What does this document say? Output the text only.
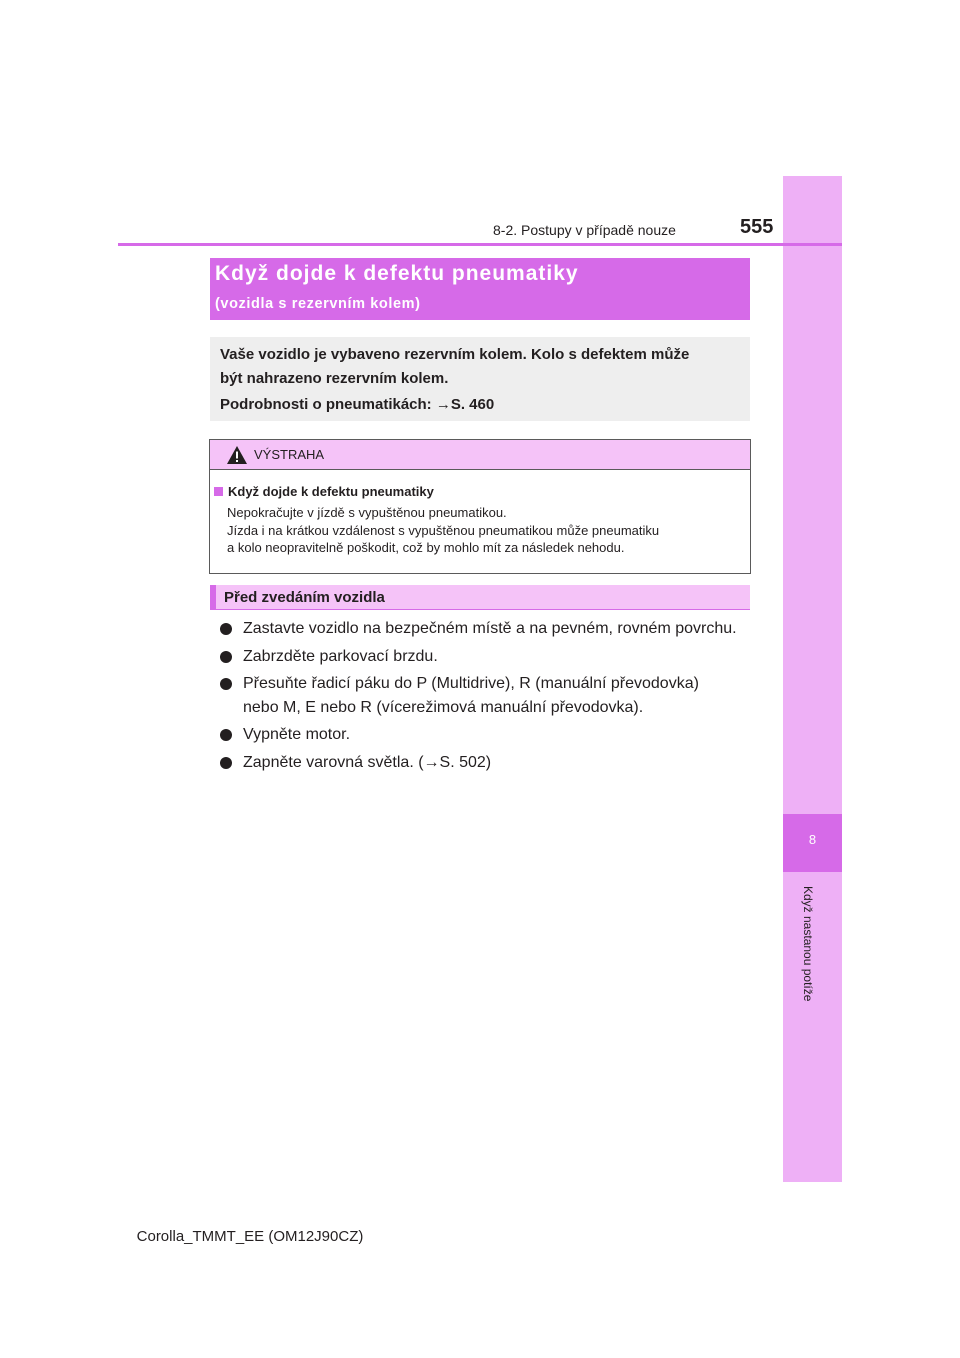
8
Když nastanou potíže
8-2. Postupy v případě nouze	555
Když dojde k defektu pneumatiky
(vozidla s rezervním kolem)

Vaše vozidlo je vybaveno rezervním kolem. Kolo s defektem může

být nahrazeno rezervním kolem.

Podrobnosti o pneumatikách: →S. 460

VÝSTRAHA
Když dojde k defektu pneumatiky
Nepokračujte v jízdě s vypuštěnou pneumatikou.
Jízda i na krátkou vzdálenost s vypuštěnou pneumatikou může pneumatiku
a kolo neopravitelně poškodit, což by mohlo mít za následek nehodu.
Před zvedáním vozidla
Zastavte vozidlo na bezpečném místě a na pevném, rovném povrchu.
Zabrzděte parkovací brzdu.
Přesuňte řadicí páku do P (Multidrive), R (manuální převodovka)
nebo M, E nebo R (vícerežimová manuální převodovka).
Vypněte motor.
Zapněte varovná světla. (→S. 502)
Corolla_TMMT_EE (OM12J90CZ)
